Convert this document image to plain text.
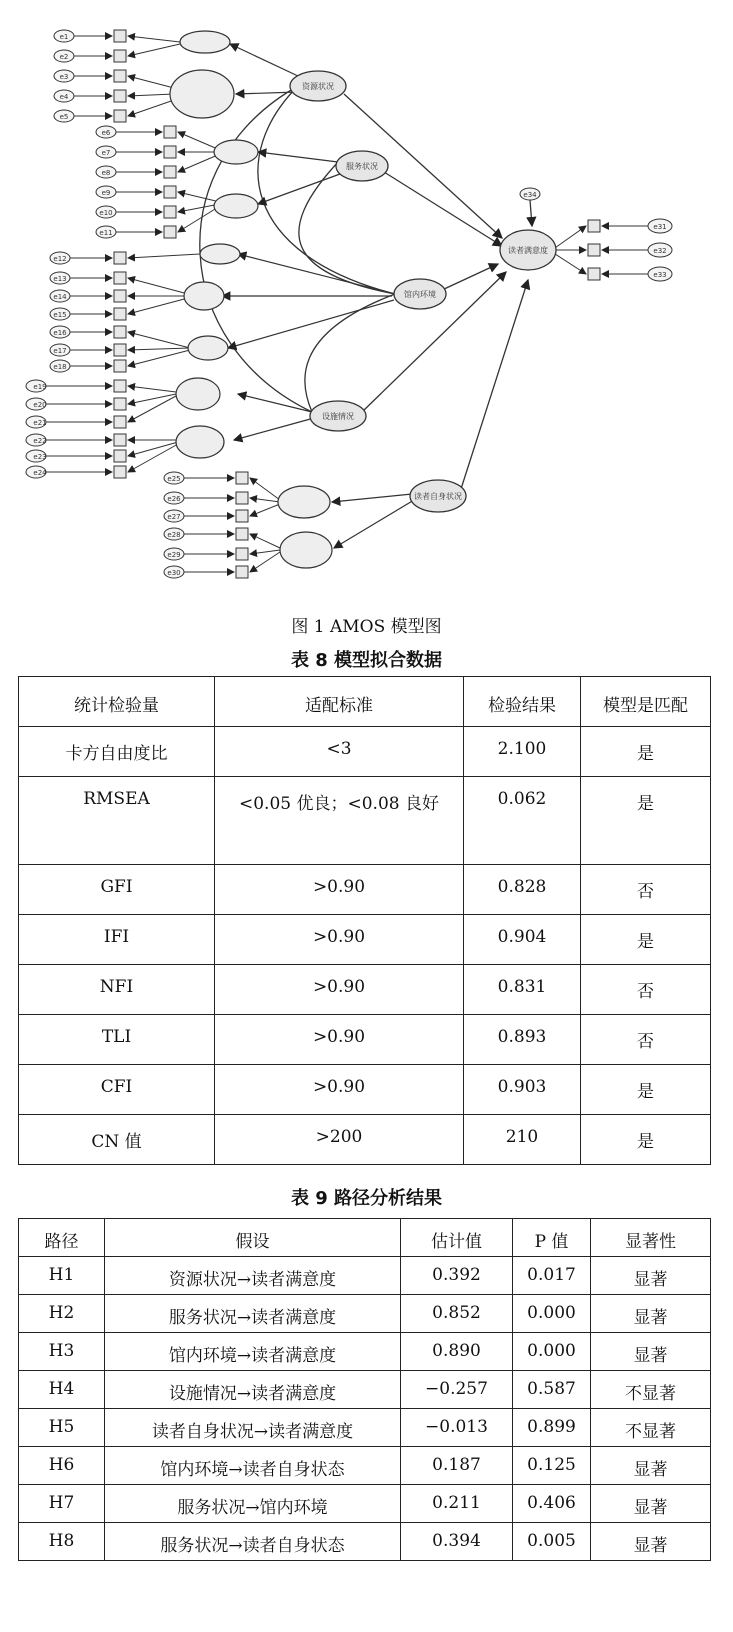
资源状况
服务状况
馆内环境
设施情况
读者自身状况
读者满意度
e1
e2
e3
e4
e5
e6
e7
e8
e9
e10
e11
e12
e13
e14
e15
e16
e17
e18
e19
e20
e21
e22
e23
e24
e25
e26
e27
e28
e29
e30
e31
e32
e33
e34
图 1 AMOS 模型图
表 8 模型拟合数据
统计检验量	适配标准	检验结果	模型是匹配
卡方自由度比	<3	2.100	是
RMSEA	<0.05 优良；<0.08 良好	0.062	是
GFI	>0.90	0.828	否
IFI	>0.90	0.904	是
NFI	>0.90	0.831	否
TLI	>0.90	0.893	否
CFI	>0.90	0.903	是
CN 值	>200	210	是
表 9 路径分析结果
路径	假设	估计值	P 值	显著性
H1	资源状况→读者满意度	0.392	0.017	显著
H2	服务状况→读者满意度	0.852	0.000	显著
H3	馆内环境→读者满意度	0.890	0.000	显著
H4	设施情况→读者满意度	−0.257	0.587	不显著
H5	读者自身状况→读者满意度	−0.013	0.899	不显著
H6	馆内环境→读者自身状态	0.187	0.125	显著
H7	服务状况→馆内环境	0.211	0.406	显著
H8	服务状况→读者自身状态	0.394	0.005	显著
